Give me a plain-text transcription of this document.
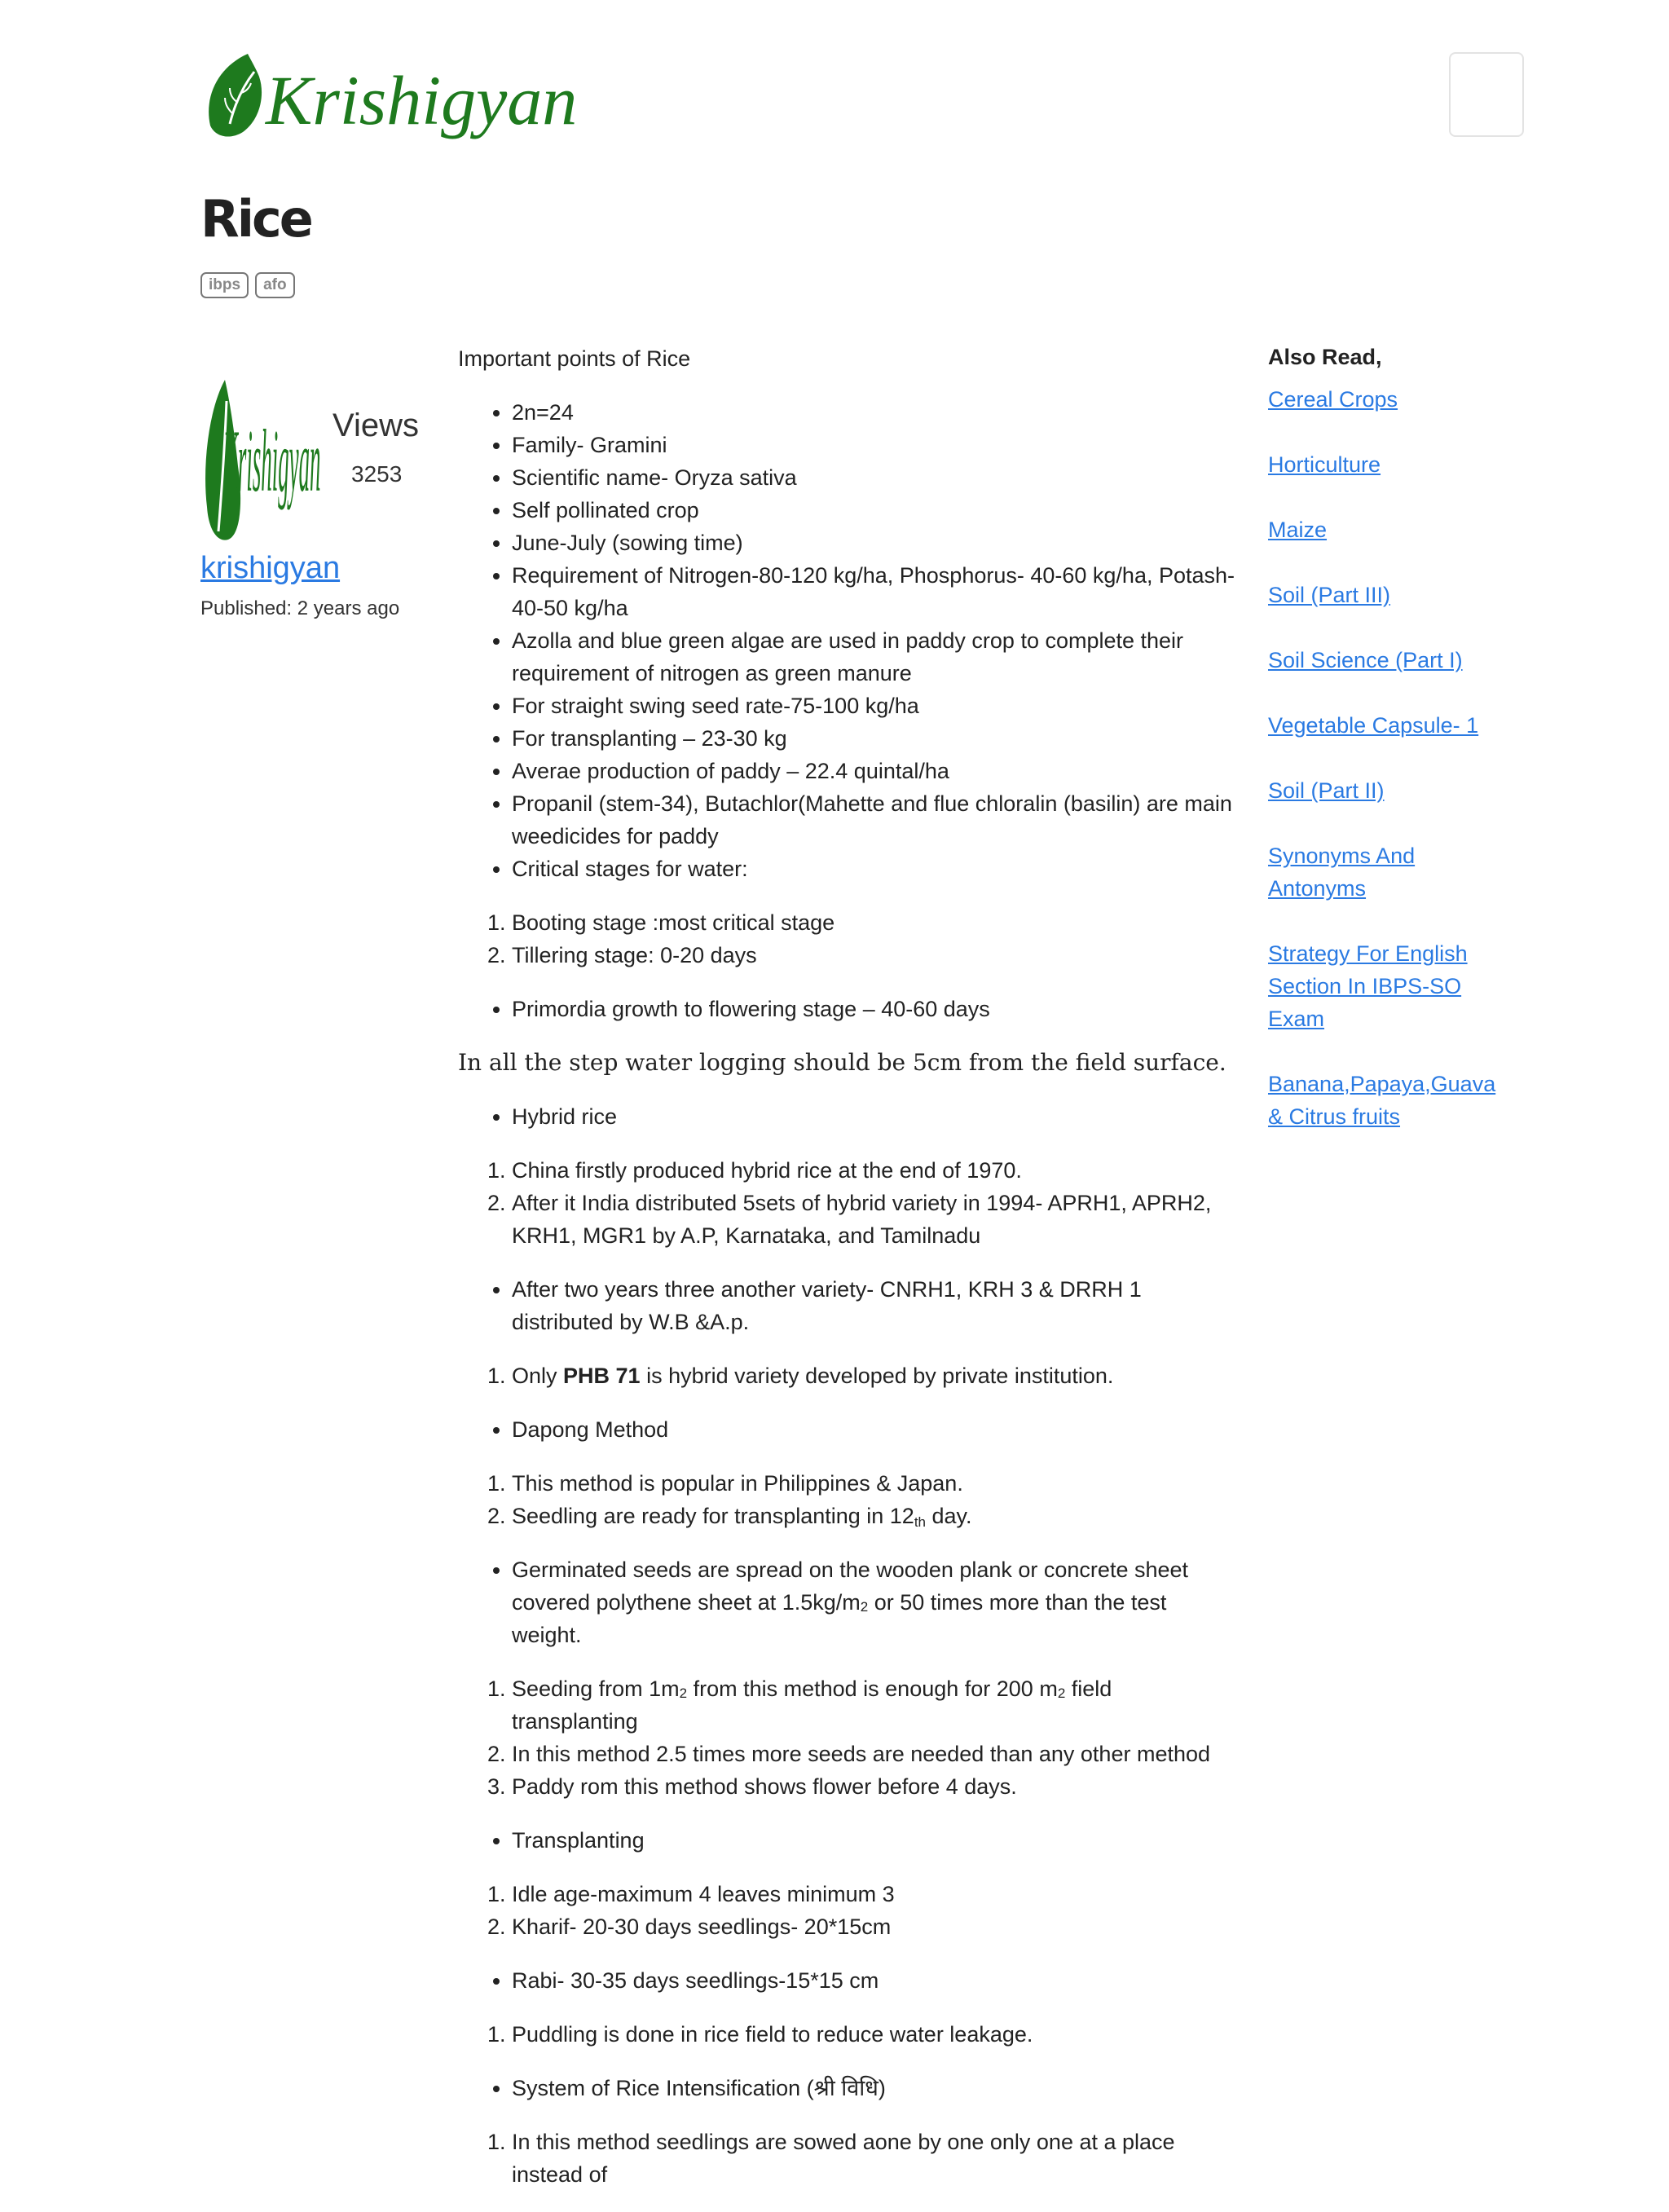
Krishigyan
Rice
ibps	afo
Krishigyan Views
3253
krishigyan
Published: 2 years ago

Important points of Rice

• 2n=24
• Family- Gramini
• Scientific name- Oryza sativa
• Self pollinated crop
• June-July (sowing time)
• Requirement of Nitrogen-80-120 kg/ha, Phosphorus- 40-60 kg/ha, Potash- 40-50 kg/ha
• Azolla and blue green algae are used in paddy crop to complete their requirement of nitrogen as green manure
• For straight swing seed rate-75-100 kg/ha
• For transplanting – 23-30 kg
• Averae production of paddy – 22.4 quintal/ha
• Propanil (stem-34), Butachlor(Mahette and flue chloralin (basilin) are main weedicides for paddy
• Critical stages for water:
1. Booting stage :most critical stage
2. Tillering stage: 0-20 days
• Primordia growth to flowering stage – 40-60 days

In all the step water logging should be 5cm from the field surface.

• Hybrid rice
1. China firstly produced hybrid rice at the end of 1970.
2. After it India distributed 5sets of hybrid variety in 1994- APRH1, APRH2, KRH1, MGR1 by A.P, Karnataka, and Tamilnadu
• After two years three another variety- CNRH1, KRH 3 & DRRH 1 distributed by W.B &A.p.
1. Only PHB 71 is hybrid variety developed by private institution.
• Dapong Method
1. This method is popular in Philippines & Japan.
2. Seedling are ready for transplanting in 12th day.
• Germinated seeds are spread on the wooden plank or concrete sheet covered polythene sheet at $1.5kg/m_2$ or 50 times more than the test weight.
1. Seeding from $1m_2$ from this method is enough for 200 $m_2$ field transplanting
2. In this method 2.5 times more seeds are needed than any other method
3. Paddy rom this method shows flower before 4 days.
• Transplanting
1. Idle age-maximum 4 leaves minimum 3
2. Kharif- 20-30 days seedlings- 20*15cm
• Rabi- 30-35 days seedlings-15*15 cm
1. Puddling is done in rice field to reduce water leakage.
• System of Rice Intensification (श्री विधि)
1. In this method seedlings are sowed aone by one only one at a place instead of
Also Read,
Cereal Crops
Horticulture
Maize
Soil (Part III)
Soil Science (Part I)
Vegetable Capsule- 1
Soil (Part II)
Synonyms And Antonyms
Strategy For English Section In IBPS-SO Exam
Banana,Papaya,Guava & Citrus fruits
